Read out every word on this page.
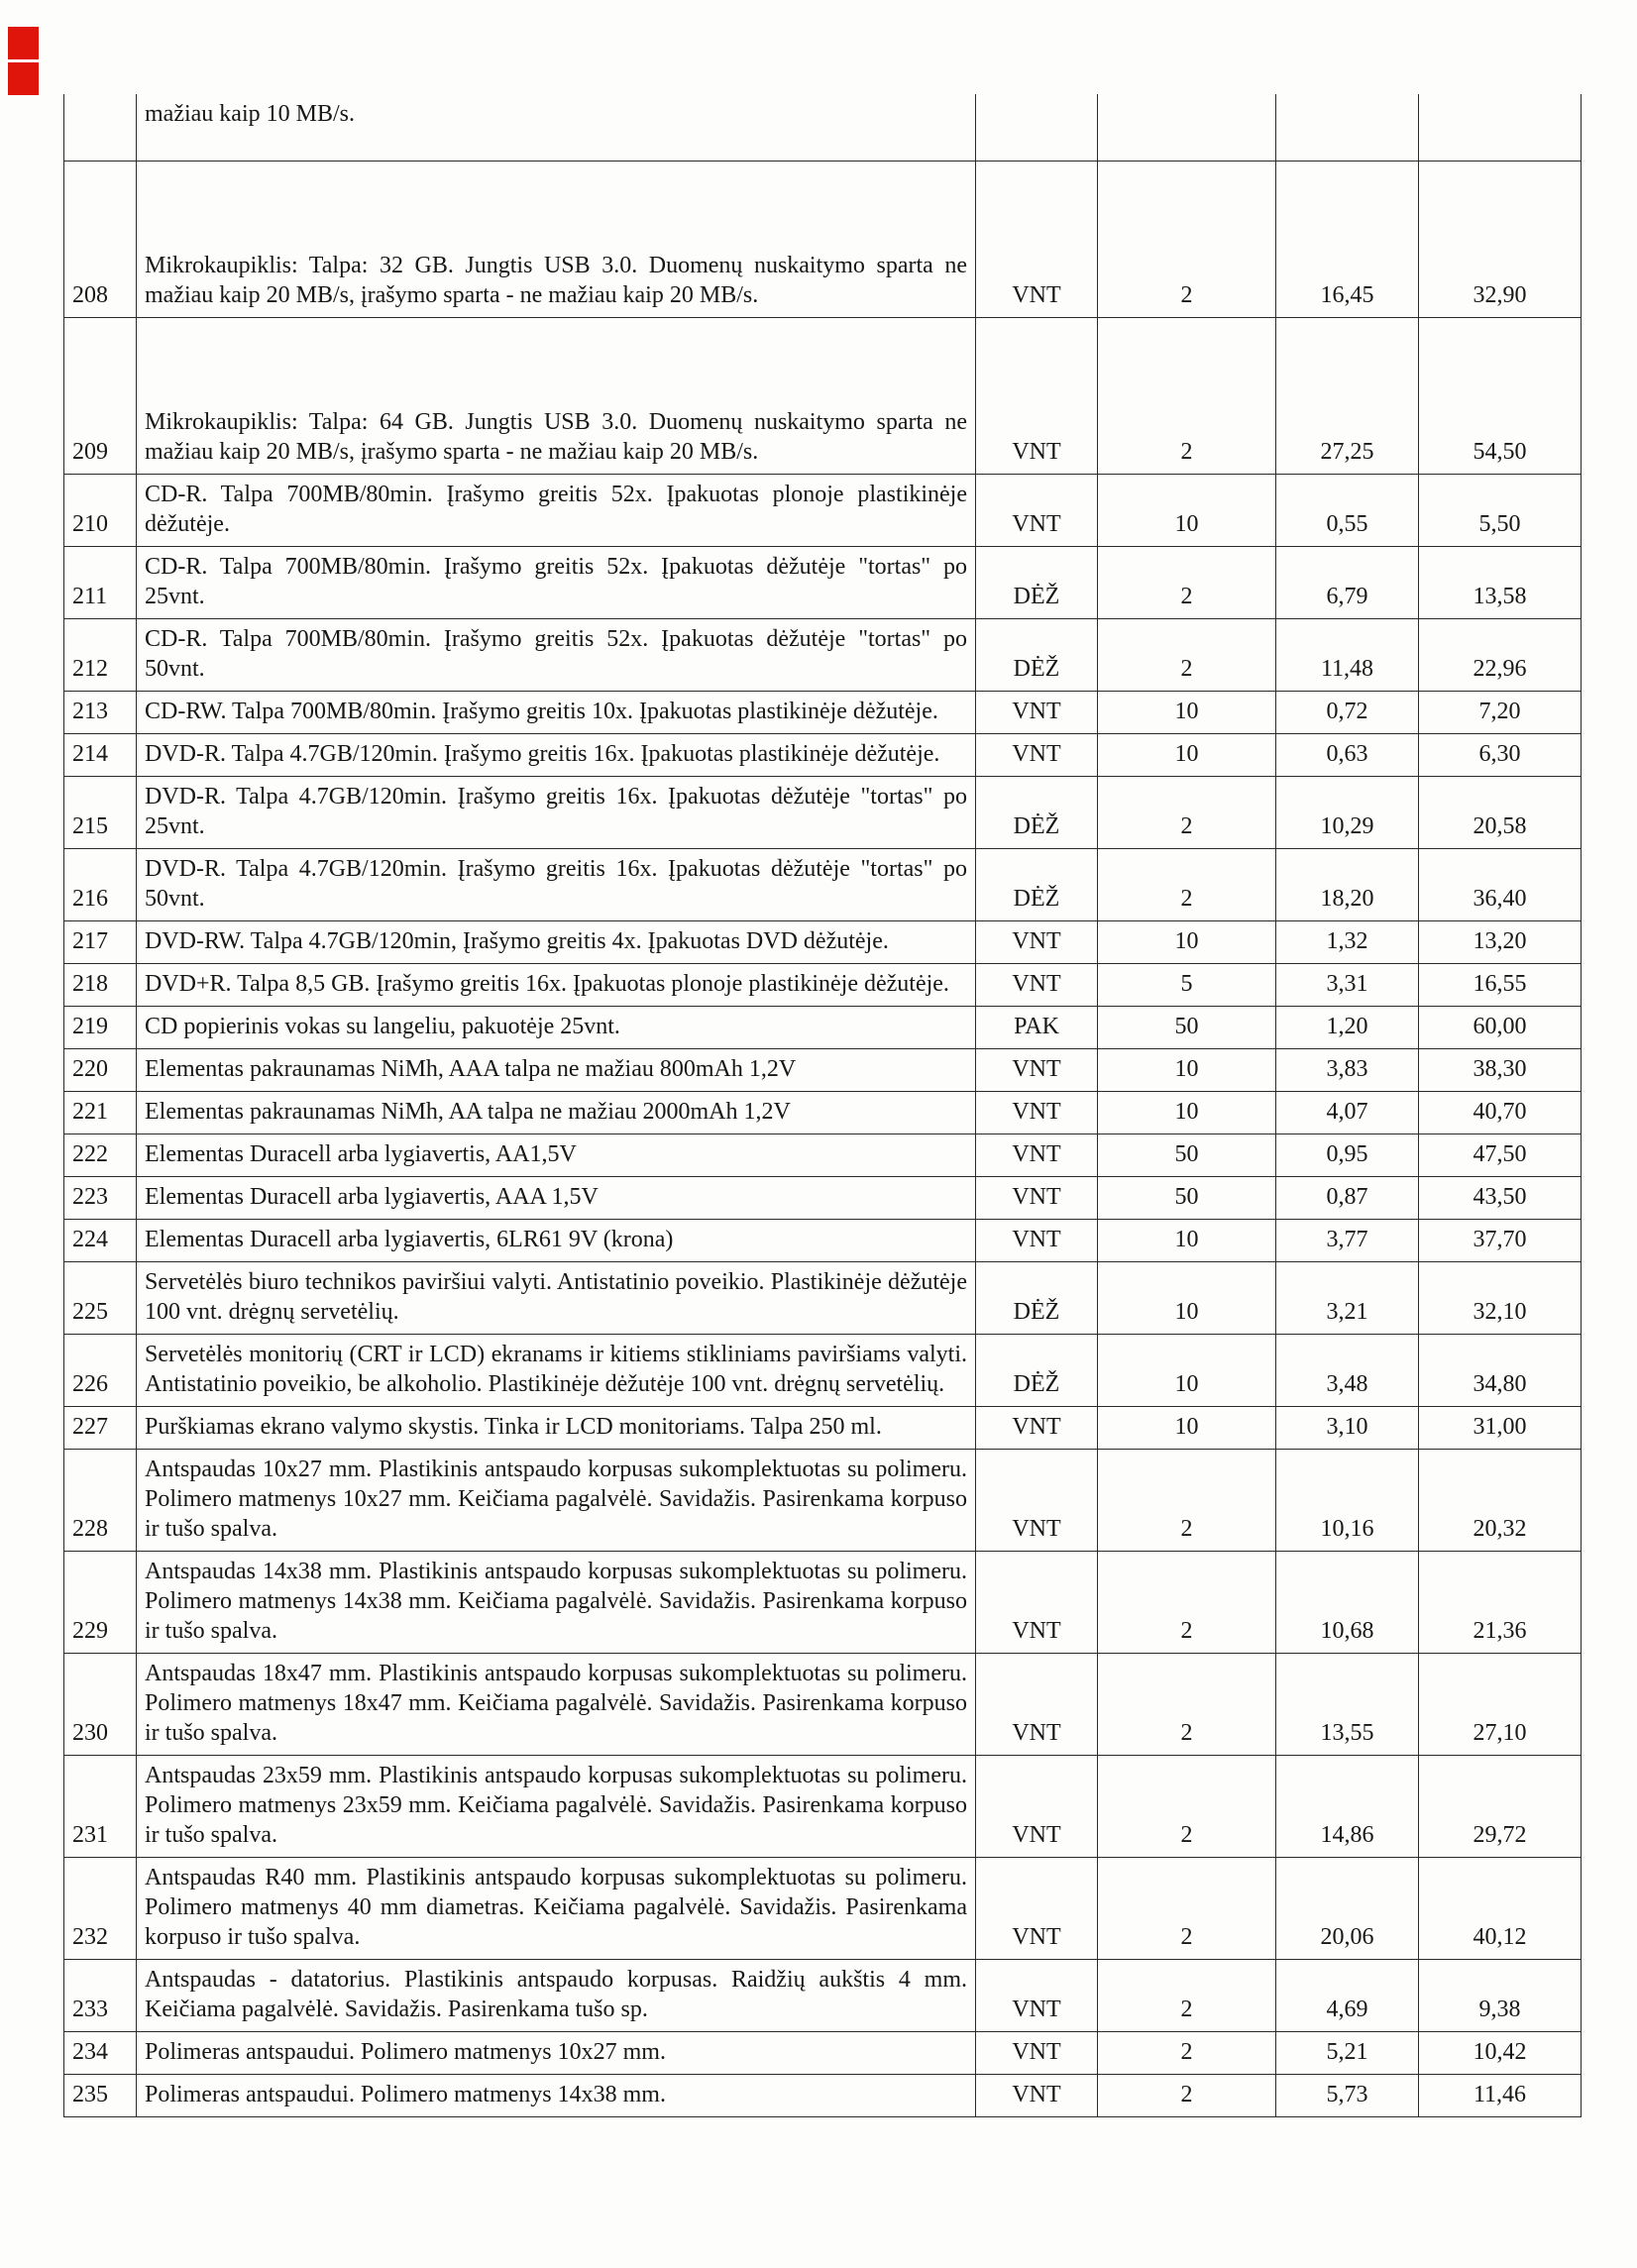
	mažiau kaip 10 MB/s.				
208	Mikrokaupiklis: Talpa: 32 GB. Jungtis USB 3.0. Duomenų nuskaitymo sparta ne mažiau kaip 20 MB/s, įrašymo sparta - ne mažiau kaip 20 MB/s.	VNT	2	16,45	32,90
209	Mikrokaupiklis: Talpa: 64 GB. Jungtis USB 3.0. Duomenų nuskaitymo sparta ne mažiau kaip 20 MB/s, įrašymo sparta - ne mažiau kaip 20 MB/s.	VNT	2	27,25	54,50
210	CD-R. Talpa 700MB/80min. Įrašymo greitis 52x. Įpakuotas plonoje plastikinėje dėžutėje.	VNT	10	0,55	5,50
211	CD-R. Talpa 700MB/80min. Įrašymo greitis 52x. Įpakuotas dėžutėje "tortas" po 25vnt.	DĖŽ	2	6,79	13,58
212	CD-R. Talpa 700MB/80min. Įrašymo greitis 52x. Įpakuotas dėžutėje "tortas" po 50vnt.	DĖŽ	2	11,48	22,96
213	CD-RW. Talpa 700MB/80min. Įrašymo greitis 10x. Įpakuotas plastikinėje dėžutėje.	VNT	10	0,72	7,20
214	DVD-R. Talpa 4.7GB/120min. Įrašymo greitis 16x. Įpakuotas plastikinėje dėžutėje.	VNT	10	0,63	6,30
215	DVD-R. Talpa 4.7GB/120min. Įrašymo greitis 16x. Įpakuotas dėžutėje "tortas" po 25vnt.	DĖŽ	2	10,29	20,58
216	DVD-R. Talpa 4.7GB/120min. Įrašymo greitis 16x. Įpakuotas dėžutėje "tortas" po 50vnt.	DĖŽ	2	18,20	36,40
217	DVD-RW. Talpa 4.7GB/120min, Įrašymo greitis 4x. Įpakuotas DVD dėžutėje.	VNT	10	1,32	13,20
218	DVD+R. Talpa 8,5 GB. Įrašymo greitis 16x. Įpakuotas plonoje plastikinėje dėžutėje.	VNT	5	3,31	16,55
219	CD popierinis vokas su langeliu, pakuotėje 25vnt.	PAK	50	1,20	60,00
220	Elementas pakraunamas NiMh, AAA talpa ne mažiau 800mAh 1,2V	VNT	10	3,83	38,30
221	Elementas pakraunamas NiMh, AA talpa ne mažiau 2000mAh 1,2V	VNT	10	4,07	40,70
222	Elementas Duracell arba lygiavertis, AA1,5V	VNT	50	0,95	47,50
223	Elementas Duracell arba lygiavertis, AAA 1,5V	VNT	50	0,87	43,50
224	Elementas Duracell arba lygiavertis, 6LR61 9V (krona)	VNT	10	3,77	37,70
225	Servetėlės biuro technikos paviršiui valyti. Antistatinio poveikio. Plastikinėje dėžutėje 100 vnt. drėgnų servetėlių.	DĖŽ	10	3,21	32,10
226	Servetėlės monitorių (CRT ir LCD) ekranams ir kitiems stikliniams paviršiams valyti. Antistatinio poveikio, be alkoholio. Plastikinėje dėžutėje 100 vnt. drėgnų servetėlių.	DĖŽ	10	3,48	34,80
227	Purškiamas ekrano valymo skystis. Tinka ir LCD monitoriams. Talpa 250 ml.	VNT	10	3,10	31,00
228	Antspaudas 10x27 mm. Plastikinis antspaudo korpusas sukomplektuotas su polimeru. Polimero matmenys 10x27 mm. Keičiama pagalvėlė. Savidažis. Pasirenkama korpuso ir tušo spalva.	VNT	2	10,16	20,32
229	Antspaudas 14x38 mm. Plastikinis antspaudo korpusas sukomplektuotas su polimeru. Polimero matmenys 14x38 mm. Keičiama pagalvėlė. Savidažis. Pasirenkama korpuso ir tušo spalva.	VNT	2	10,68	21,36
230	Antspaudas 18x47 mm. Plastikinis antspaudo korpusas sukomplektuotas su polimeru. Polimero matmenys 18x47 mm. Keičiama pagalvėlė. Savidažis. Pasirenkama korpuso ir tušo spalva.	VNT	2	13,55	27,10
231	Antspaudas 23x59 mm. Plastikinis antspaudo korpusas sukomplektuotas su polimeru. Polimero matmenys 23x59 mm. Keičiama pagalvėlė. Savidažis. Pasirenkama korpuso ir tušo spalva.	VNT	2	14,86	29,72
232	Antspaudas R40 mm. Plastikinis antspaudo korpusas sukomplektuotas su polimeru. Polimero matmenys 40 mm diametras. Keičiama pagalvėlė. Savidažis. Pasirenkama korpuso ir tušo spalva.	VNT	2	20,06	40,12
233	Antspaudas - datatorius. Plastikinis antspaudo korpusas. Raidžių aukštis 4 mm. Keičiama pagalvėlė. Savidažis. Pasirenkama tušo sp.	VNT	2	4,69	9,38
234	Polimeras antspaudui. Polimero matmenys 10x27 mm.	VNT	2	5,21	10,42
235	Polimeras antspaudui. Polimero matmenys 14x38 mm.	VNT	2	5,73	11,46
